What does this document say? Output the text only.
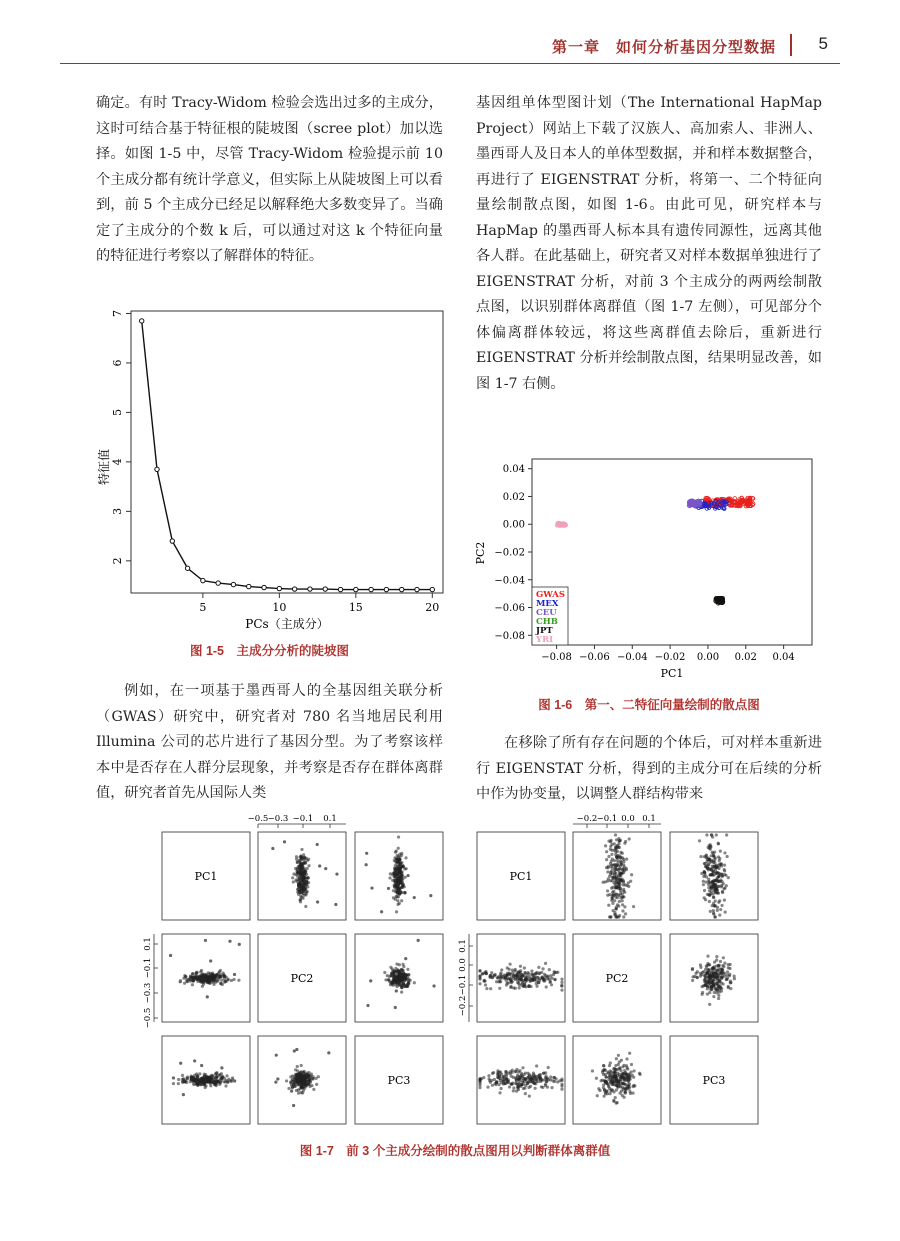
第一章　如何分析基因分型数据	5

确定。有时 Tracy-Widom 检验会选出过多的主成分，这时可结合基于特征根的陡坡图（scree plot）加以选择。如图 1-5 中，尽管 Tracy-Widom 检验提示前 10 个主成分都有统计学意义，但实际上从陡坡图上可以看到，前 5 个主成分已经足以解释绝大多数变异了。当确定了主成分的个数 k 后，可以通过对这 k 个特征向量的特征进行考察以了解群体的特征。

例如，在一项基于墨西哥人的全基因组关联分析（GWAS）研究中，研究者对 780 名当地居民利用 Illumina 公司的芯片进行了基因分型。为了考察该样本中是否存在人群分层现象，并考察是否存在群体离群值，研究者首先从国际人类

基因组单体型图计划（The International HapMap Project）网站上下载了汉族人、高加索人、非洲人、墨西哥人及日本人的单体型数据，并和样本数据整合，再进行了 EIGENSTRAT 分析，将第一、二个特征向量绘制散点图，如图 1-6。由此可见，研究样本与 HapMap 的墨西哥人标本具有遗传同源性，远离其他各人群。在此基础上，研究者又对样本数据单独进行了 EIGENSTRAT 分析，对前 3 个主成分的两两绘制散点图，以识别群体离群值（图 1-7 左侧），可见部分个体偏离群体较远，将这些离群值去除后，重新进行 EIGENSTRAT 分析并绘制散点图，结果明显改善，如图 1-7 右侧。

在移除了所有存在问题的个体后，可对样本重新进行 EIGENSTAT 分析，得到的主成分可在后续的分析中作为协变量，以调整人群结构带来

5	10	15	20
2
3
4
5
6
7
PCs（主成分）
特征值
图 1-5　主成分分析的陡坡图	−0.08 −0.06 −0.04 −0.02 0.00 0.02 0.04
0.04
0.02
0.00
−0.02
−0.04
−0.06
−0.08
GWAS
MEX
CEU
CHB
JPT
YRI
PC1
PC2
图 1-6　第一、二特征向量绘制的散点图
−0.5 −0.3 −0.1 0.1
0.1
−0.1
−0.3
−0.5
PC1
PC2
PC3
−0.2 −0.1 0.0 0.1
0.1
0.0
−0.1
−0.2
PC1
PC2
PC3
图 1-7　前 3 个主成分绘制的散点图用以判断群体离群值
